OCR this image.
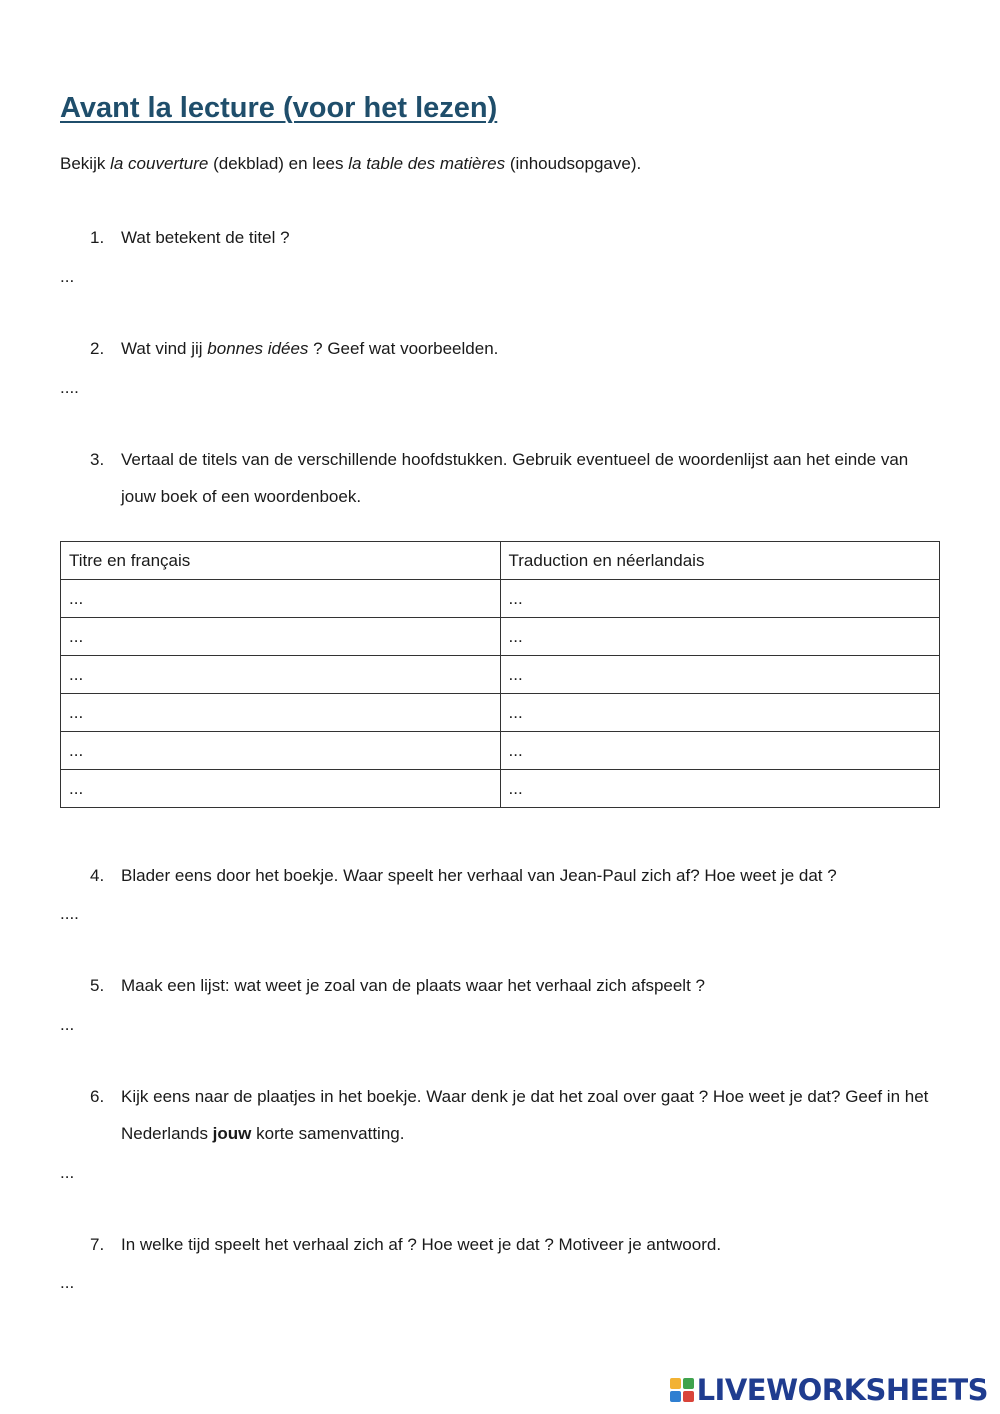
Avant la lecture (voor het lezen)

Bekijk la couverture (dekblad) en lees la table des matières (inhoudsopgave).

1. Wat betekent de titel ?

...

2. Wat vind jij bonnes idées ? Geef wat voorbeelden.

....

3. Vertaal de titels van de verschillende hoofdstukken. Gebruik eventueel de woordenlijst aan het einde van jouw boek of een woordenboek.
Titre en français	Traduction en néerlandais
...	...
...	...
...	...
...	...
...	...
...	...
4. Blader eens door het boekje. Waar speelt her verhaal van Jean-Paul zich af? Hoe weet je dat ?

....

5. Maak een lijst: wat weet je zoal van de plaats waar het verhaal zich afspeelt ?

...

6. Kijk eens naar de plaatjes in het boekje. Waar denk je dat het zoal over gaat ? Hoe weet je dat? Geef in het Nederlands jouw korte samenvatting.

...

7. In welke tijd speelt het verhaal zich af ? Hoe weet je dat ? Motiveer je antwoord.

...

LIVEWORKSHEETS
